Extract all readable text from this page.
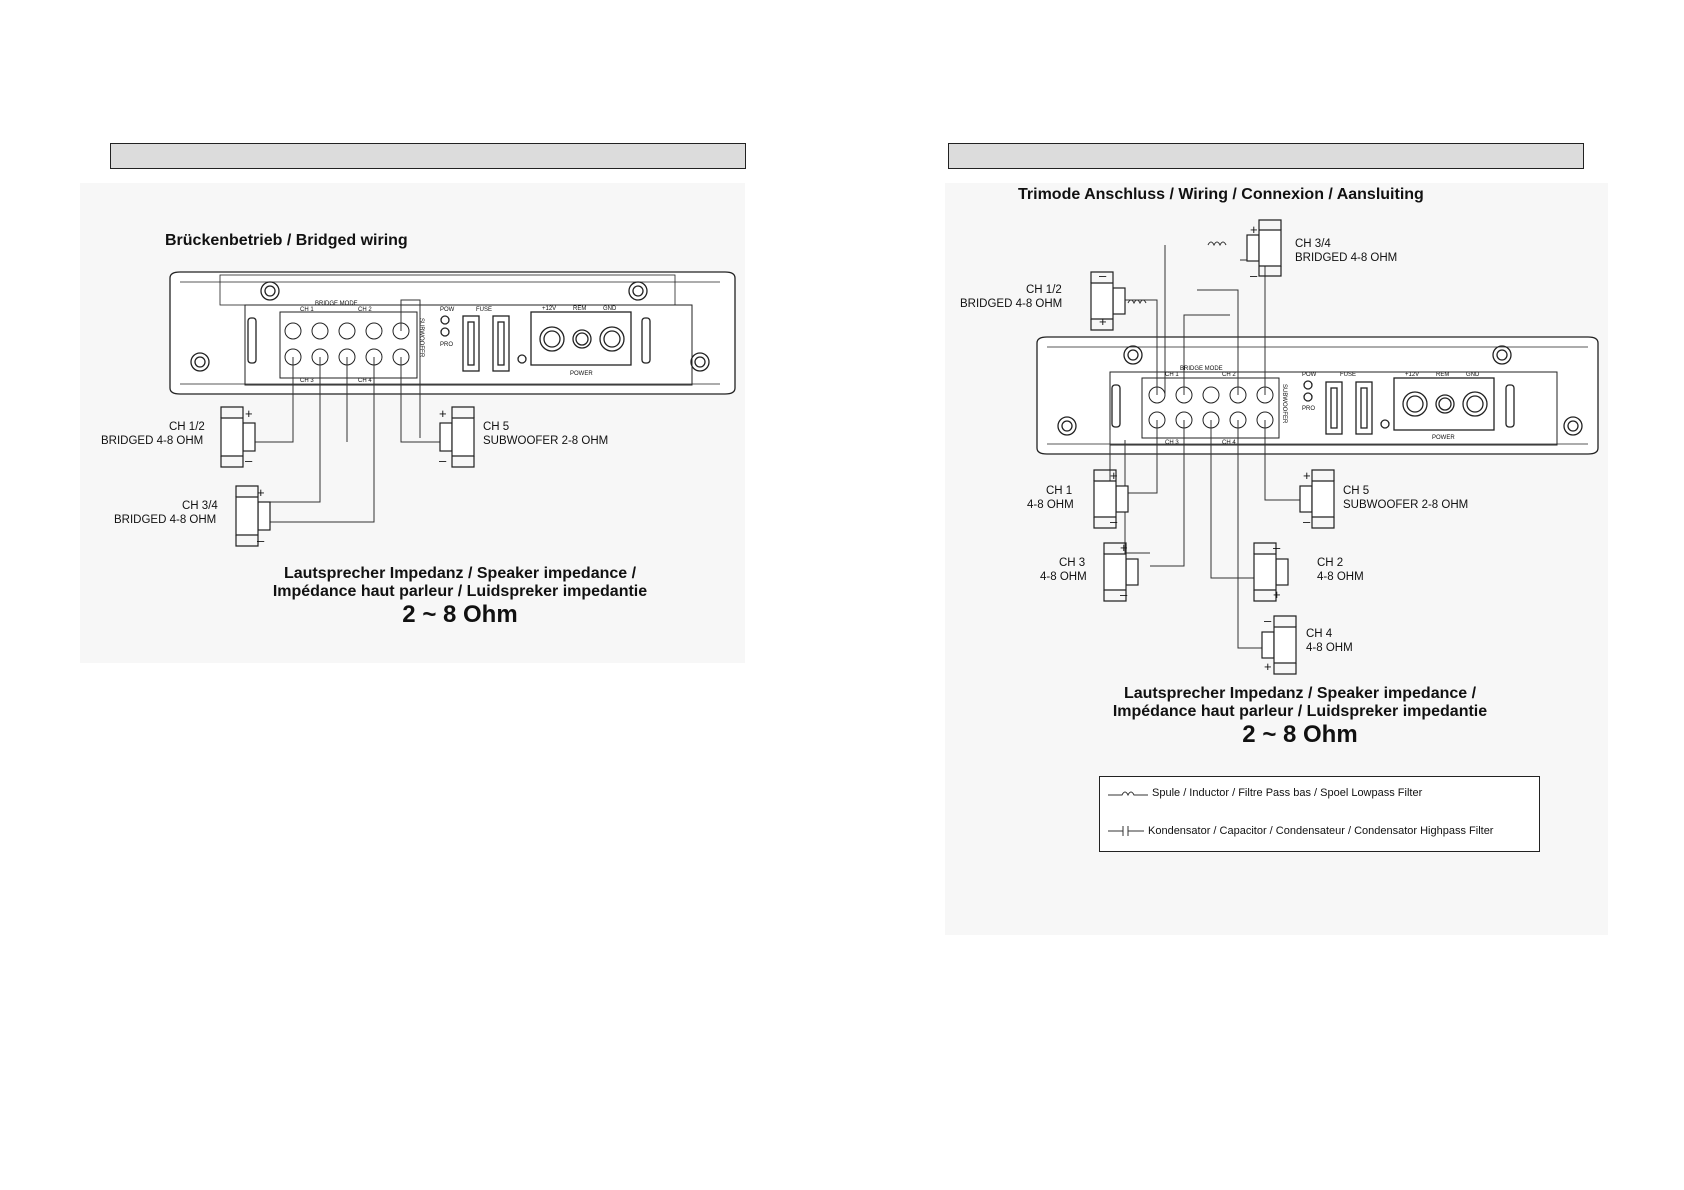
Brückenbetrieb / Bridged wiring
BRIDGE MODE
CH 1	CH 2
CH 3	CH 4
SUBWOOFER
POW
PRO
FUSE	+12V	REM	GND
POWER
+
–
CH 1/2
BRIDGED 4-8 OHM
+
–
CH 3/4
BRIDGED 4-8 OHM
+
–
CH 5
SUBWOOFER 2-8 OHM
Lautsprecher Impedanz / Speaker impedance /
Impédance haut parleur / Luidspreker impedantie
2 ~ 8 Ohm
Trimode Anschluss / Wiring / Connexion / Aansluiting
BRIDGE MODE
CH 1	CH 2
CH 3	CH 4
SUBWOOFER
POW
PRO
FUSE	+12V	REM	GND
POWER
+
–
CH 3/4
BRIDGED 4-8 OHM
–
+
CH 1/2
BRIDGED 4-8 OHM
+
–
CH 1
4-8 OHM
+
–
CH 5
SUBWOOFER 2-8 OHM
+
–
CH 3
4-8 OHM
–
+
CH 2
4-8 OHM
–
+
CH 4
4-8 OHM
Lautsprecher Impedanz / Speaker impedance /
Impédance haut parleur / Luidspreker impedantie
2 ~ 8 Ohm
Spule / Inductor / Filtre Pass bas / Spoel Lowpass Filter
Kondensator / Capacitor / Condensateur / Condensator Highpass Filter
